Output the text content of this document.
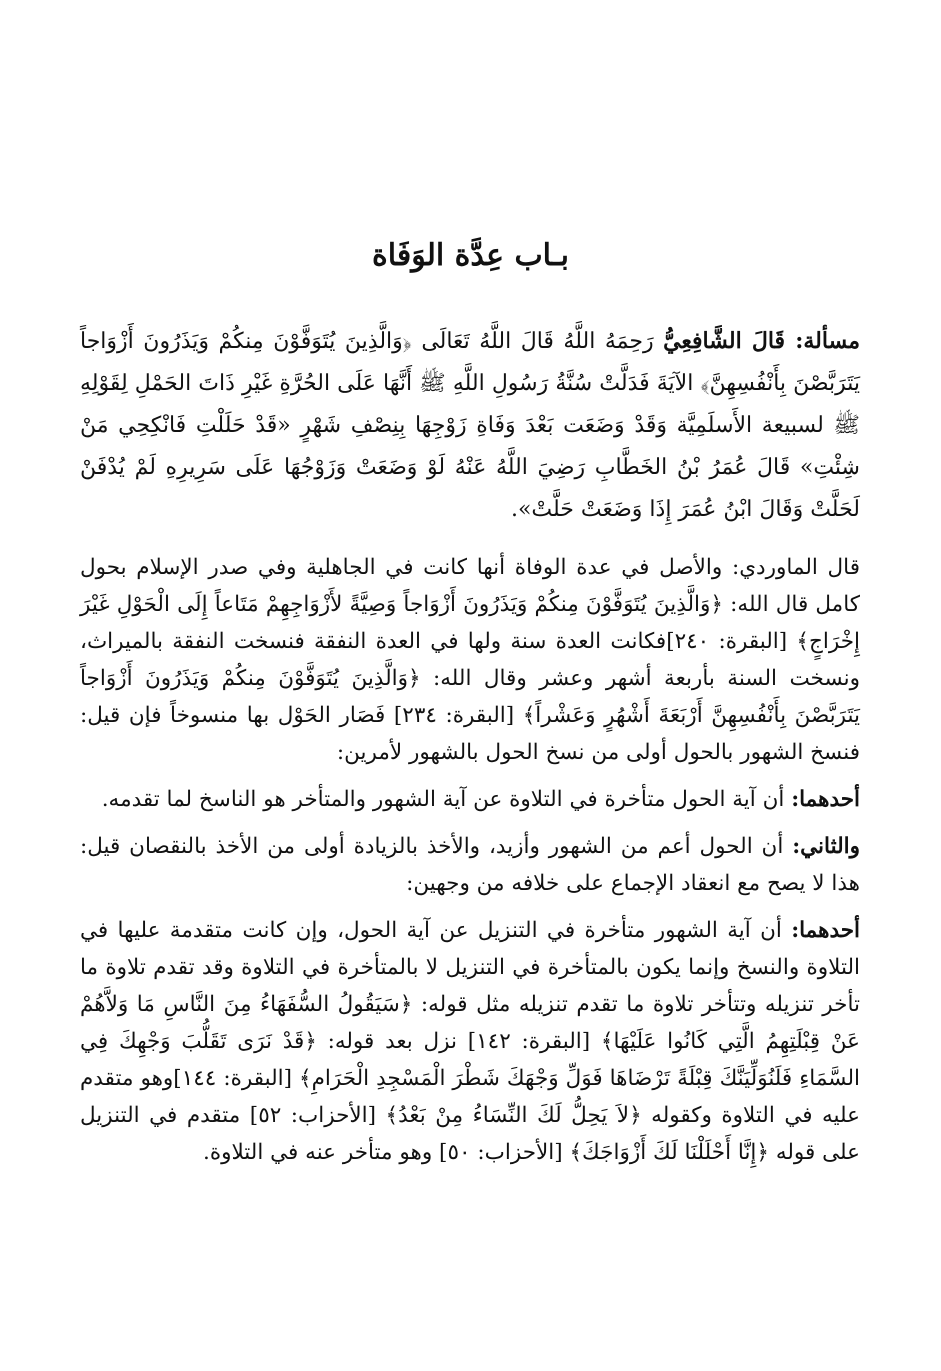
بـاب عِدَّة الوَفَاة

مسألة: قَالَ الشَّافِعِيُّ رَحِمَهُ اللَّهُ قَالَ اللَّهُ تَعَالَى ﴿وَالَّذِينَ يُتَوَفَّوْنَ مِنكُمْ وَيَذَرُونَ أَزْوَاجاً يَتَرَبَّصْنَ بِأَنْفُسِهِنَّ﴾ الآيَةَ فَدَلَّتْ سُنَّةُ رَسُولِ اللَّهِ ﷺ أَنَّهَا عَلَى الحُرَّةِ غَيْرِ ذَاتَ الحَمْلِ لِقَوْلِهِ ﷺ لسبيعة الأَسلَمِيَّة وَقَدْ وَضَعَت بَعْدَ وَفَاةِ زَوْجِهَا بِنِصْفِ شَهْرٍ «قَدْ حَلَلْتِ فَانْكِحِي مَنْ شِئْتِ» قَالَ عُمَرُ بْنُ الخَطَّابِ رَضِيَ اللَّهُ عَنْهُ لَوْ وَضَعَتْ وَزَوْجُهَا عَلَى سَرِيرِهِ لَمْ يُدْفَنْ لَحَلَّتْ وَقَالَ ابْنُ عُمَرَ إِذَا وَضَعَتْ حَلَّتْ».

قال الماوردي: والأصل في عدة الوفاة أنها كانت في الجاهلية وفي صدر الإسلام بحول كامل قال الله: ﴿وَالَّذِينَ يُتَوَفَّوْنَ مِنكُمْ وَيَذَرُونَ أَزْوَاجاً وَصِيَّةً لأَزْوَاجِهِمْ مَتَاعاً إِلَى الْحَوْلِ غَيْرَ إِخْرَاجٍ﴾ [البقرة: ٢٤٠]فكانت العدة سنة ولها في العدة النفقة فنسخت النفقة بالميراث، ونسخت السنة بأربعة أشهر وعشر وقال الله: ﴿وَالَّذِينَ يُتَوَفَّوْنَ مِنكُمْ وَيَذَرُونَ أَزْوَاجاً يَتَرَبَّصْنَ بِأَنْفُسِهِنَّ أَرْبَعَةَ أَشْهُرٍ وَعَشْراً﴾ [البقرة: ٢٣٤] فَصَار الحَوْل بها منسوخاً فإن قيل: فنسخ الشهور بالحول أولى من نسخ الحول بالشهور لأمرين:

أحدهما: أن آية الحول متأخرة في التلاوة عن آية الشهور والمتأخر هو الناسخ لما تقدمه.

والثاني: أن الحول أعم من الشهور وأزيد، والأخذ بالزيادة أولى من الأخذ بالنقصان قيل: هذا لا يصح مع انعقاد الإجماع على خلافه من وجهين:

أحدهما: أن آية الشهور متأخرة في التنزيل عن آية الحول، وإن كانت متقدمة عليها في التلاوة والنسخ وإنما يكون بالمتأخرة في التنزيل لا بالمتأخرة في التلاوة وقد تقدم تلاوة ما تأخر تنزيله وتتأخر تلاوة ما تقدم تنزيله مثل قوله: ﴿سَيَقُولُ السُّفَهَاءُ مِنَ النَّاسِ مَا وَلاَّهُمْ عَنْ قِبْلَتِهِمُ الَّتِي كَانُوا عَلَيْهَا﴾ [البقرة: ١٤٢] نزل بعد قوله: ﴿قَدْ نَرَى تَقَلُّبَ وَجْهِكَ فِي السَّمَاءِ فَلَنُوَلِّيَنَّكَ قِبْلَةً تَرْضَاهَا فَوَلِّ وَجْهَكَ شَطْرَ الْمَسْجِدِ الْحَرَامِ﴾ [البقرة: ١٤٤]وهو متقدم عليه في التلاوة وكقوله ﴿لاَ يَحِلُّ لَكَ النِّسَاءُ مِنْ بَعْدُ﴾ [الأحزاب: ٥٢] متقدم في التنزيل على قوله ﴿إِنَّا أَحْلَلْنَا لَكَ أَزْوَاجَكَ﴾ [الأحزاب: ٥٠] وهو متأخر عنه في التلاوة.
